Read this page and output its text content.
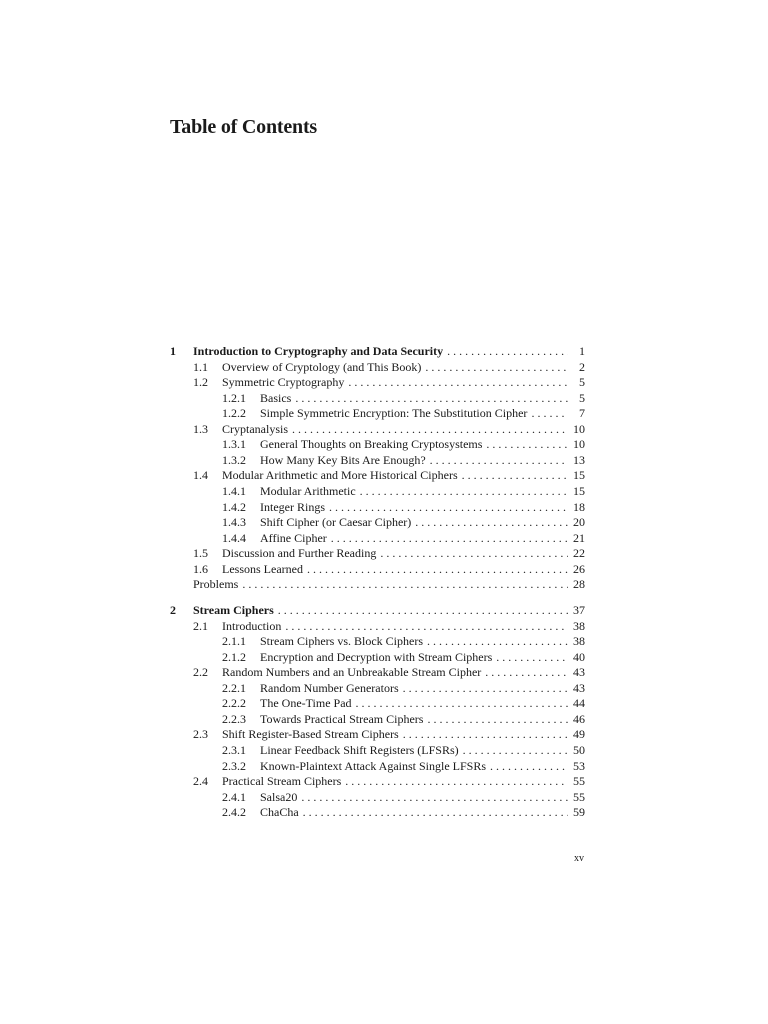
Table of Contents
1 Introduction to Cryptography and Data Security . . .	1
1.1 Overview of Cryptology (and This Book) . . .	2
1.2 Symmetric Cryptography . . .	5
1.2.1 Basics . . .	5
1.2.2 Simple Symmetric Encryption: The Substitution Cipher . . .	7
1.3 Cryptanalysis . . .	10
1.3.1 General Thoughts on Breaking Cryptosystems . . .	10
1.3.2 How Many Key Bits Are Enough? . . .	13
1.4 Modular Arithmetic and More Historical Ciphers . . .	15
1.4.1 Modular Arithmetic . . .	15
1.4.2 Integer Rings . . .	18
1.4.3 Shift Cipher (or Caesar Cipher) . . .	20
1.4.4 Affine Cipher . . .	21
1.5 Discussion and Further Reading . . .	22
1.6 Lessons Learned . . .	26
Problems . . .	28
2 Stream Ciphers . . .	37
2.1 Introduction . . .	38
2.1.1 Stream Ciphers vs. Block Ciphers . . .	38
2.1.2 Encryption and Decryption with Stream Ciphers . . .	40
2.2 Random Numbers and an Unbreakable Stream Cipher . . .	43
2.2.1 Random Number Generators . . .	43
2.2.2 The One-Time Pad . . .	44
2.2.3 Towards Practical Stream Ciphers . . .	46
2.3 Shift Register-Based Stream Ciphers . . .	49
2.3.1 Linear Feedback Shift Registers (LFSRs) . . .	50
2.3.2 Known-Plaintext Attack Against Single LFSRs . . .	53
2.4 Practical Stream Ciphers . . .	55
2.4.1 Salsa20 . . .	55
2.4.2 ChaCha . . .	59
xv
